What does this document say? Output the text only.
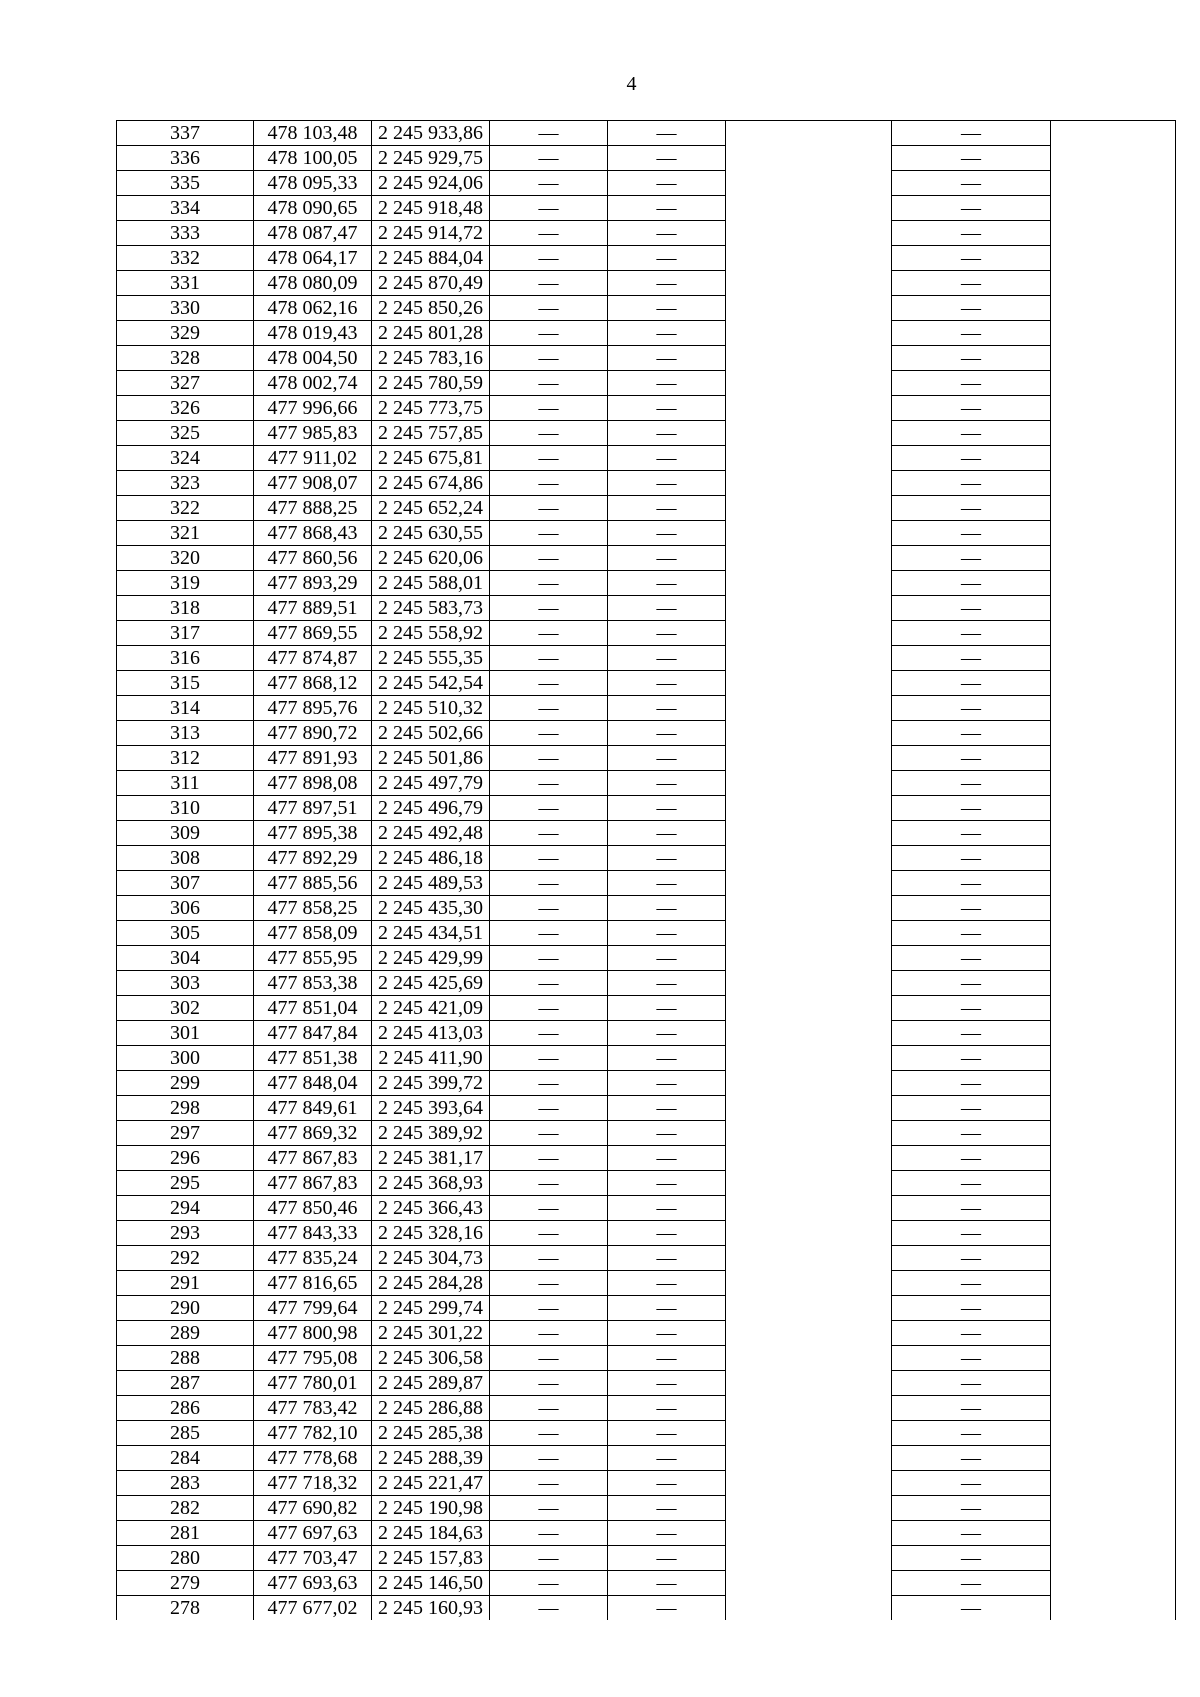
4
337	478 103,48	2 245 933,86	—	—		—	
336	478 100,05	2 245 929,75	—	—		—	
335	478 095,33	2 245 924,06	—	—		—	
334	478 090,65	2 245 918,48	—	—		—	
333	478 087,47	2 245 914,72	—	—		—	
332	478 064,17	2 245 884,04	—	—		—	
331	478 080,09	2 245 870,49	—	—		—	
330	478 062,16	2 245 850,26	—	—		—	
329	478 019,43	2 245 801,28	—	—		—	
328	478 004,50	2 245 783,16	—	—		—	
327	478 002,74	2 245 780,59	—	—		—	
326	477 996,66	2 245 773,75	—	—		—	
325	477 985,83	2 245 757,85	—	—		—	
324	477 911,02	2 245 675,81	—	—		—	
323	477 908,07	2 245 674,86	—	—		—	
322	477 888,25	2 245 652,24	—	—		—	
321	477 868,43	2 245 630,55	—	—		—	
320	477 860,56	2 245 620,06	—	—		—	
319	477 893,29	2 245 588,01	—	—		—	
318	477 889,51	2 245 583,73	—	—		—	
317	477 869,55	2 245 558,92	—	—		—	
316	477 874,87	2 245 555,35	—	—		—	
315	477 868,12	2 245 542,54	—	—		—	
314	477 895,76	2 245 510,32	—	—		—	
313	477 890,72	2 245 502,66	—	—		—	
312	477 891,93	2 245 501,86	—	—		—	
311	477 898,08	2 245 497,79	—	—		—	
310	477 897,51	2 245 496,79	—	—		—	
309	477 895,38	2 245 492,48	—	—		—	
308	477 892,29	2 245 486,18	—	—		—	
307	477 885,56	2 245 489,53	—	—		—	
306	477 858,25	2 245 435,30	—	—		—	
305	477 858,09	2 245 434,51	—	—		—	
304	477 855,95	2 245 429,99	—	—		—	
303	477 853,38	2 245 425,69	—	—		—	
302	477 851,04	2 245 421,09	—	—		—	
301	477 847,84	2 245 413,03	—	—		—	
300	477 851,38	2 245 411,90	—	—		—	
299	477 848,04	2 245 399,72	—	—		—	
298	477 849,61	2 245 393,64	—	—		—	
297	477 869,32	2 245 389,92	—	—		—	
296	477 867,83	2 245 381,17	—	—		—	
295	477 867,83	2 245 368,93	—	—		—	
294	477 850,46	2 245 366,43	—	—		—	
293	477 843,33	2 245 328,16	—	—		—	
292	477 835,24	2 245 304,73	—	—		—	
291	477 816,65	2 245 284,28	—	—		—	
290	477 799,64	2 245 299,74	—	—		—	
289	477 800,98	2 245 301,22	—	—		—	
288	477 795,08	2 245 306,58	—	—		—	
287	477 780,01	2 245 289,87	—	—		—	
286	477 783,42	2 245 286,88	—	—		—	
285	477 782,10	2 245 285,38	—	—		—	
284	477 778,68	2 245 288,39	—	—		—	
283	477 718,32	2 245 221,47	—	—		—	
282	477 690,82	2 245 190,98	—	—		—	
281	477 697,63	2 245 184,63	—	—		—	
280	477 703,47	2 245 157,83	—	—		—	
279	477 693,63	2 245 146,50	—	—		—	
278	477 677,02	2 245 160,93	—	—		—	
